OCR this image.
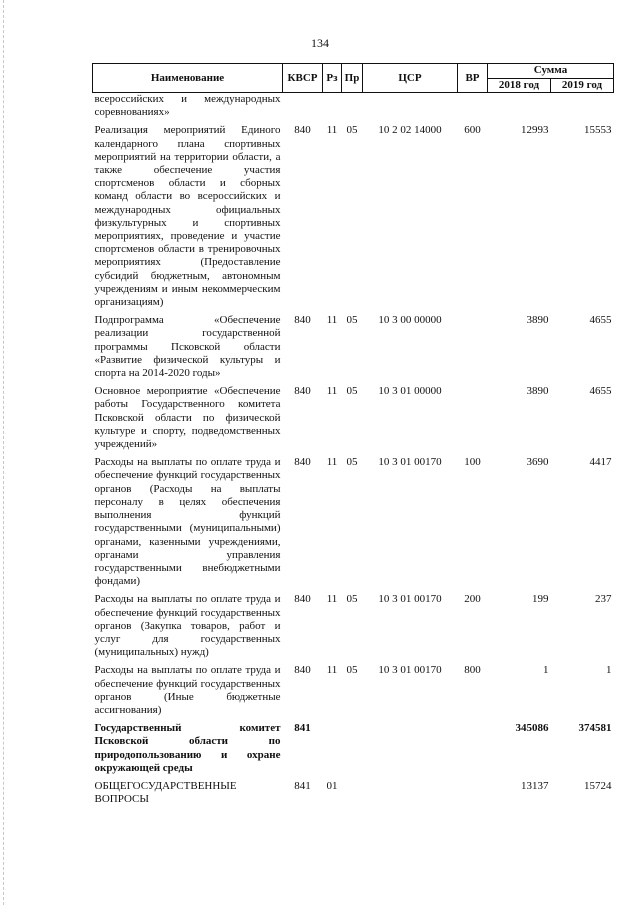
134
Наименование	КВСР	Рз	Пр	ЦСР	ВР	Сумма	
						2018 год	2019 год
всероссийских и международных соревнованиях»							
Реализация мероприятий Единого календарного плана спортивных мероприятий на территории области, а также обеспечение участия спортсменов области и сборных команд области во всероссийских и международных официальных физкультурных и спортивных мероприятиях, проведение и участие спортсменов области в тренировочных мероприятиях (Предоставление субсидий бюджетным, автономным учреждениям и иным некоммерческим организациям)	840	11	05	10 2 02 14000	600	12993	15553
Подпрограмма «Обеспечение реализации государственной программы Псковской области «Развитие физической культуры и спорта на 2014-2020 годы»	840	11	05	10 3 00 00000		3890	4655
Основное мероприятие «Обеспечение работы Государственного комитета Псковской области по физической культуре и спорту, подведомственных учреждений»	840	11	05	10 3 01 00000		3890	4655
Расходы на выплаты по оплате труда и обеспечение функций государственных органов (Расходы на выплаты персоналу в целях обеспечения выполнения функций государственными (муниципальными) органами, казенными учреждениями, органами управления государственными внебюджетными фондами)	840	11	05	10 3 01 00170	100	3690	4417
Расходы на выплаты по оплате труда и обеспечение функций государственных органов (Закупка товаров, работ и услуг для государственных (муниципальных) нужд)	840	11	05	10 3 01 00170	200	199	237
Расходы на выплаты по оплате труда и обеспечение функций государственных органов (Иные бюджетные ассигнования)	840	11	05	10 3 01 00170	800	1	1
Государственный комитет Псковской области по природопользованию и охране окружающей среды	841					345086	374581
ОБЩЕГОСУДАРСТВЕННЫЕ ВОПРОСЫ	841	01				13137	15724
